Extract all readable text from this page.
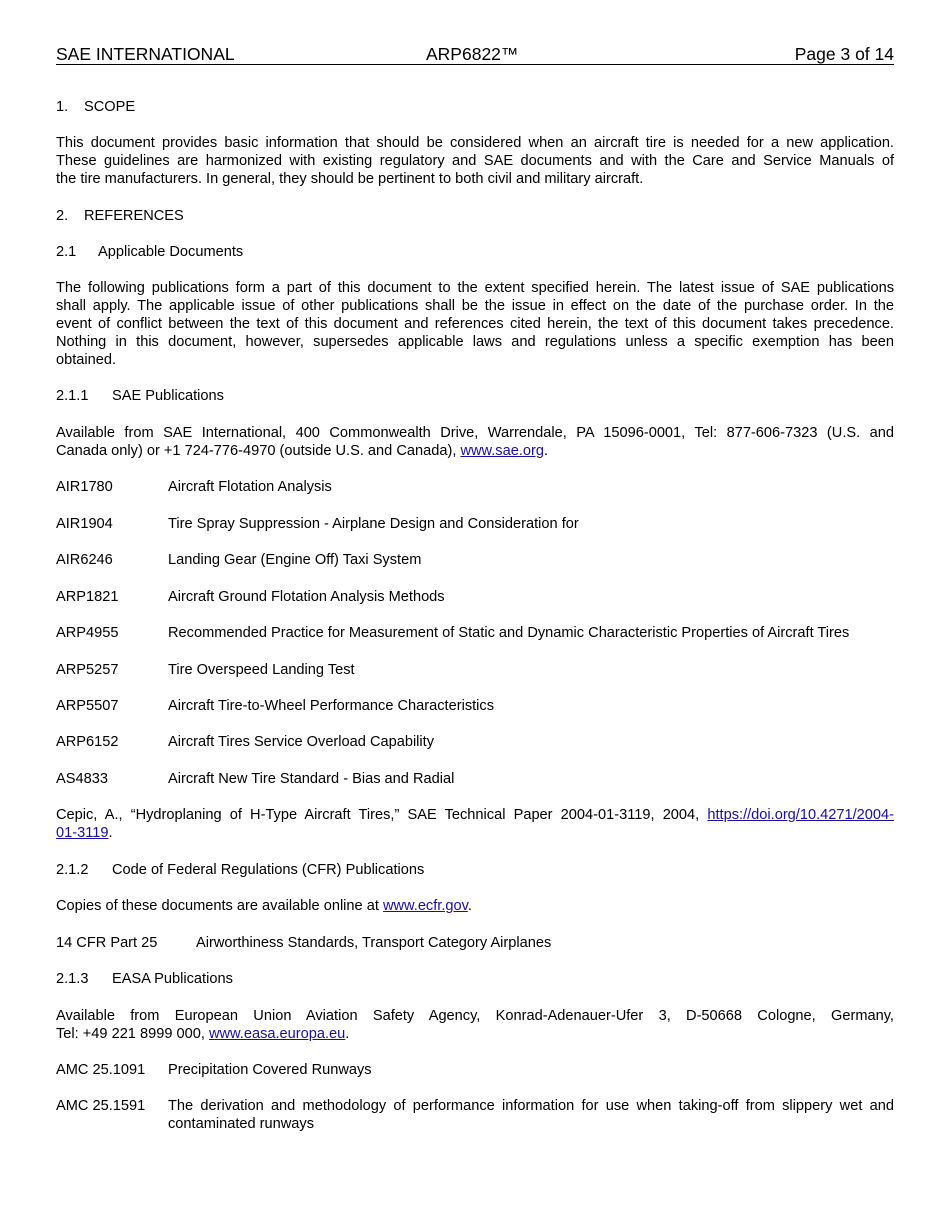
SAE INTERNATIONAL	ARP6822™	Page 3 of 14
1. SCOPE
This document provides basic information that should be considered when an aircraft tire is needed for a new application.
These guidelines are harmonized with existing regulatory and SAE documents and with the Care and Service Manuals of
the tire manufacturers. In general, they should be pertinent to both civil and military aircraft.
2. REFERENCES
2.1 Applicable Documents
The following publications form a part of this document to the extent specified herein. The latest issue of SAE publications
shall apply. The applicable issue of other publications shall be the issue in effect on the date of the purchase order. In the
event of conflict between the text of this document and references cited herein, the text of this document takes precedence.
Nothing in this document, however, supersedes applicable laws and regulations unless a specific exemption has been
obtained.
2.1.1 SAE Publications
Available from SAE International, 400 Commonwealth Drive, Warrendale, PA 15096-0001, Tel: 877-606-7323 (U.S. and
Canada only) or +1 724-776-4970 (outside U.S. and Canada), www.sae.org.
AIR1780	Aircraft Flotation Analysis
AIR1904	Tire Spray Suppression - Airplane Design and Consideration for
AIR6246	Landing Gear (Engine Off) Taxi System
ARP1821	Aircraft Ground Flotation Analysis Methods
ARP4955	Recommended Practice for Measurement of Static and Dynamic Characteristic Properties of Aircraft Tires
ARP5257	Tire Overspeed Landing Test
ARP5507	Aircraft Tire-to-Wheel Performance Characteristics
ARP6152	Aircraft Tires Service Overload Capability
AS4833	Aircraft New Tire Standard - Bias and Radial
Cepic, A., “Hydroplaning of H-Type Aircraft Tires,” SAE Technical Paper 2004-01-3119, 2004, https://doi.org/10.4271/2004-
01-3119.
2.1.2 Code of Federal Regulations (CFR) Publications
Copies of these documents are available online at www.ecfr.gov.
14 CFR Part 25	Airworthiness Standards, Transport Category Airplanes
2.1.3 EASA Publications
Available from European Union Aviation Safety Agency, Konrad-Adenauer-Ufer 3, D-50668 Cologne, Germany,
Tel: +49 221 8999 000, www.easa.europa.eu.
AMC 25.1091 Precipitation Covered Runways
AMC 25.1591 The derivation and methodology of performance information for use when taking-off from slippery wet and contaminated runways
